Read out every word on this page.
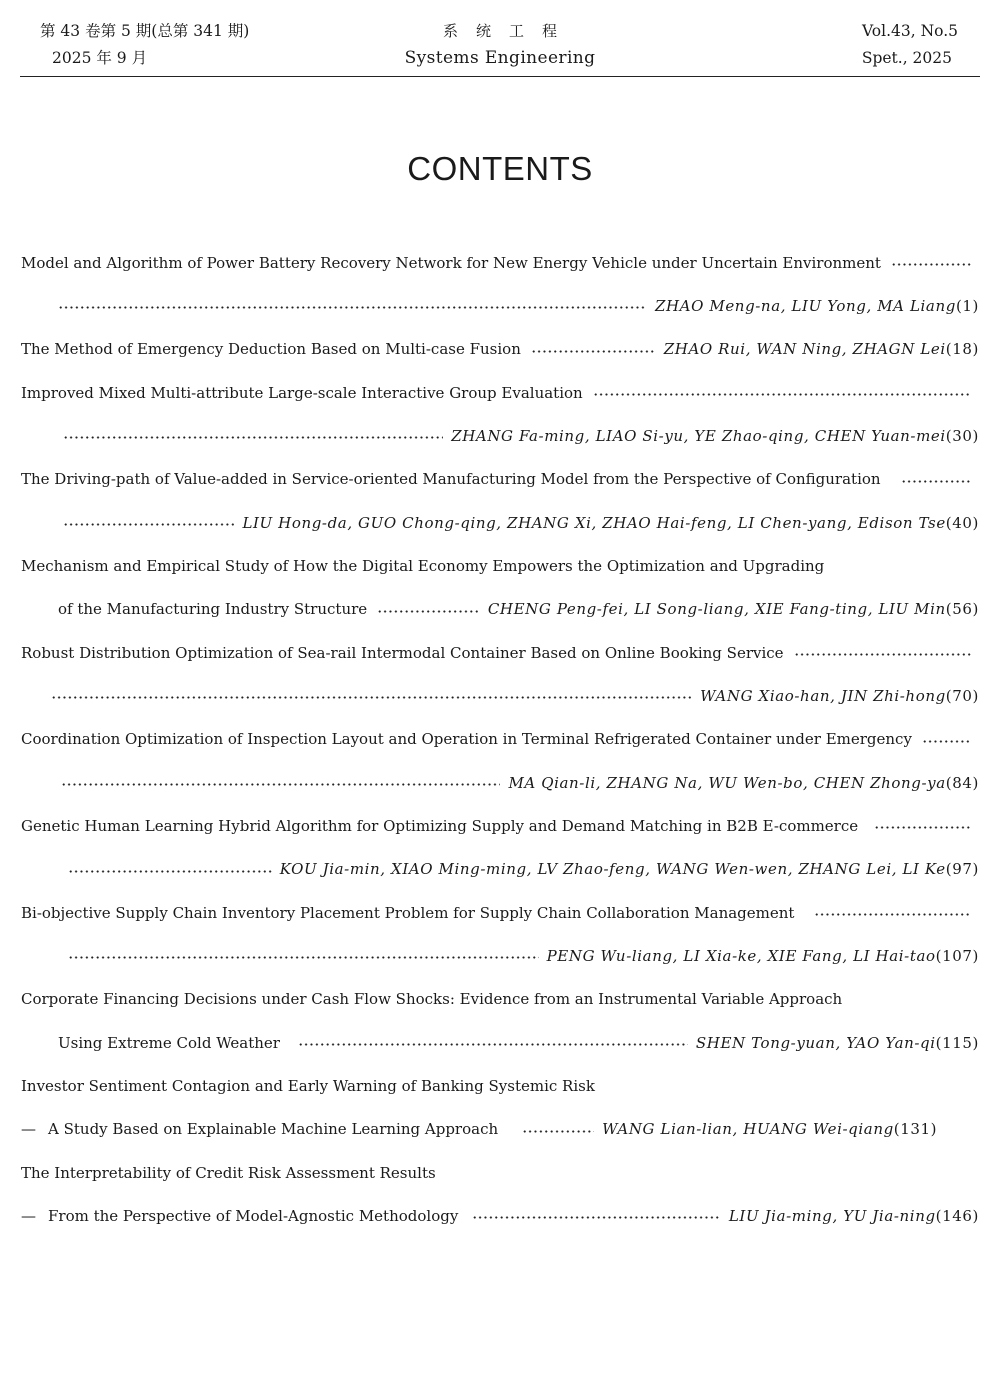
第 43 卷第 5 期(总第 341 期)
2025 年 9 月
系统工程
Systems Engineering
Vol.43, No.5
Spet., 2025
CONTENTS
Model and Algorithm of Power Battery Recovery Network for New Energy Vehicle under Uncertain Environment
ZHAO Meng-na, LIU Yong, MA Liang (1)
The Method of Emergency Deduction Based on Multi-case Fusion	ZHAO Rui, WAN Ning, ZHAGN Lei (18)
Improved Mixed Multi-attribute Large-scale Interactive Group Evaluation
ZHANG Fa-ming, LIAO Si-yu, YE Zhao-qing, CHEN Yuan-mei (30)
The Driving-path of Value-added in Service-oriented Manufacturing Model from the Perspective of Configuration
LIU Hong-da, GUO Chong-qing, ZHANG Xi, ZHAO Hai-feng, LI Chen-yang, Edison Tse (40)
Mechanism and Empirical Study of How the Digital Economy Empowers the Optimization and Upgrading
of the Manufacturing Industry Structure	CHENG Peng-fei, LI Song-liang, XIE Fang-ting, LIU Min (56)
Robust Distribution Optimization of Sea-rail Intermodal Container Based on Online Booking Service
WANG Xiao-han, JIN Zhi-hong (70)
Coordination Optimization of Inspection Layout and Operation in Terminal Refrigerated Container under Emergency
MA Qian-li, ZHANG Na, WU Wen-bo, CHEN Zhong-ya (84)
Genetic Human Learning Hybrid Algorithm for Optimizing Supply and Demand Matching in B2B E-commerce
KOU Jia-min, XIAO Ming-ming, LV Zhao-feng, WANG Wen-wen, ZHANG Lei, LI Ke (97)
Bi-objective Supply Chain Inventory Placement Problem for Supply Chain Collaboration Management
PENG Wu-liang, LI Xia-ke, XIE Fang, LI Hai-tao (107)
Corporate Financing Decisions under Cash Flow Shocks: Evidence from an Instrumental Variable Approach
Using Extreme Cold Weather	SHEN Tong-yuan, YAO Yan-qi (115)
Investor Sentiment Contagion and Early Warning of Banking Systemic Risk
— A Study Based on Explainable Machine Learning Approach	WANG Lian-lian, HUANG Wei-qiang (131)
The Interpretability of Credit Risk Assessment Results
— From the Perspective of Model-Agnostic Methodology	LIU Jia-ming, YU Jia-ning (146)
